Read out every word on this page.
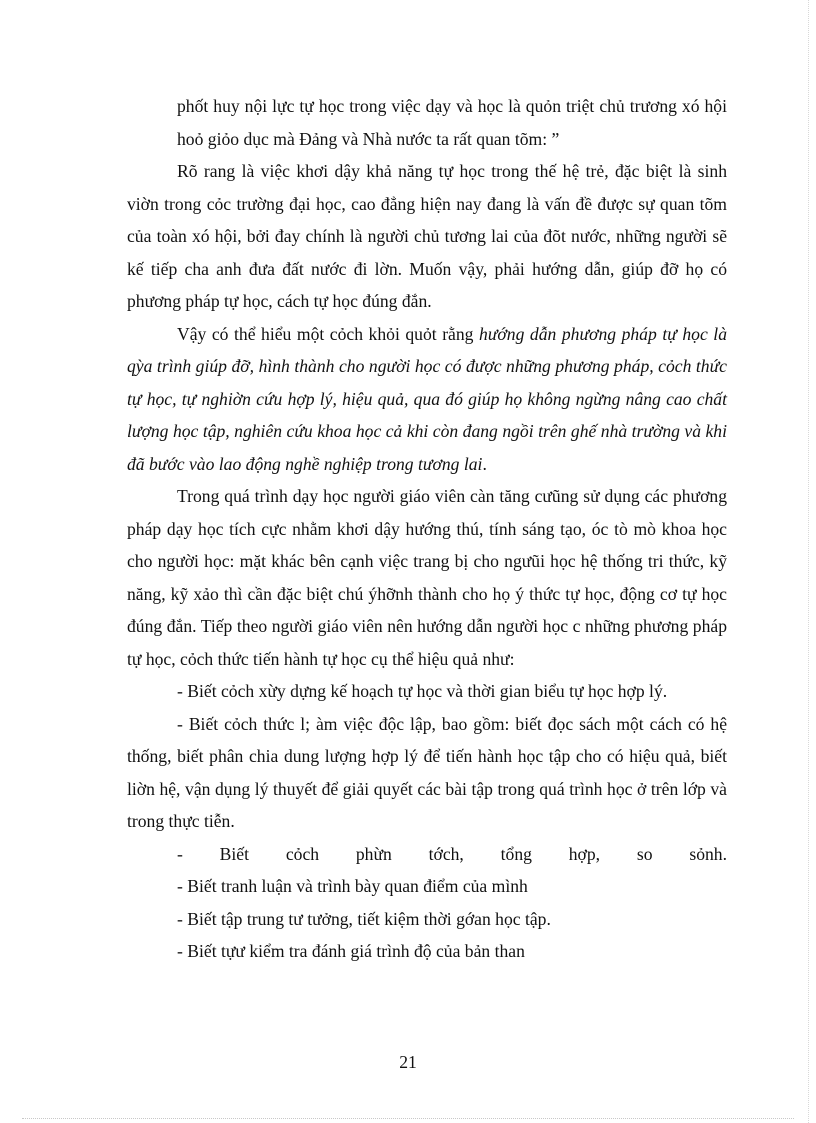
phốt huy nội lực tự học trong việc dạy và học là quỏn triệt chủ trương xó hội hoỏ giỏo dục mà Đảng và Nhà nước ta rất quan tõm: ”

Rõ rang là việc khơi dậy khả năng tự học trong thế hệ trẻ, đặc biệt là sinh viờn trong cỏc trường đại học, cao đẳng hiện nay đang là vấn đề được sự quan tõm của toàn xó hội, bởi đay chính là người chủ tương lai của đõt nước, những người sẽ kế tiếp cha anh đưa đất nước đi lờn. Muốn vậy, phải hướng dẫn, giúp đỡ họ có phương pháp tự học, cách tự học đúng đắn.

Vậy có thể hiểu một cỏch khỏi quỏt rằng hướng dẫn phương pháp tự học là qỳa trình giúp đỡ, hình thành cho người học có được những phương pháp, cỏch thức tự học, tự nghiờn cứu hợp lý, hiệu quả, qua đó giúp họ không ngừng nâng cao chất lượng học tập, nghiên cứu khoa học cả khi còn đang ngồi trên ghế nhà trường và khi đã bước vào lao động nghề nghiệp trong tương lai.

Trong quá trình dạy học người giáo viên càn tăng cưũng sử dụng các phương pháp dạy học tích cực nhằm khơi dậy hướng thú, tính sáng tạo, óc tò mò khoa học cho người học: mặt khác bên cạnh việc trang bị cho ngưũi học hệ thống tri thức, kỹ năng, kỹ xảo thì cần đặc biệt chú ýhỡnh thành cho họ ý thức tự học, động cơ tự học đúng đắn. Tiếp theo người giáo viên nên hướng dẫn người học c những phương pháp tự học, cỏch thức tiến hành tự học cụ thể hiệu quả như:

- Biết cỏch xừy dựng kế hoạch tự học và thời gian biểu tự học hợp lý.

- Biết cỏch thức l; àm việc độc lập, bao gồm: biết đọc sách một cách có hệ thống, biết phân chia dung lượng hợp lý để tiến hành học tập cho có hiệu quả, biết liờn hệ, vận dụng lý thuyết để giải quyết các bài tập trong quá trình học ở trên lớp và trong thực tiễn.

- Biết cỏch phừn tớch, tổng hợp, so sỏnh.

- Biết tranh luận và trình bày quan điểm của mình

- Biết tập trung tư tưởng, tiết kiệm thời gớan học tập.

- Biết tựư kiểm tra đánh giá trình độ của bản than

21
